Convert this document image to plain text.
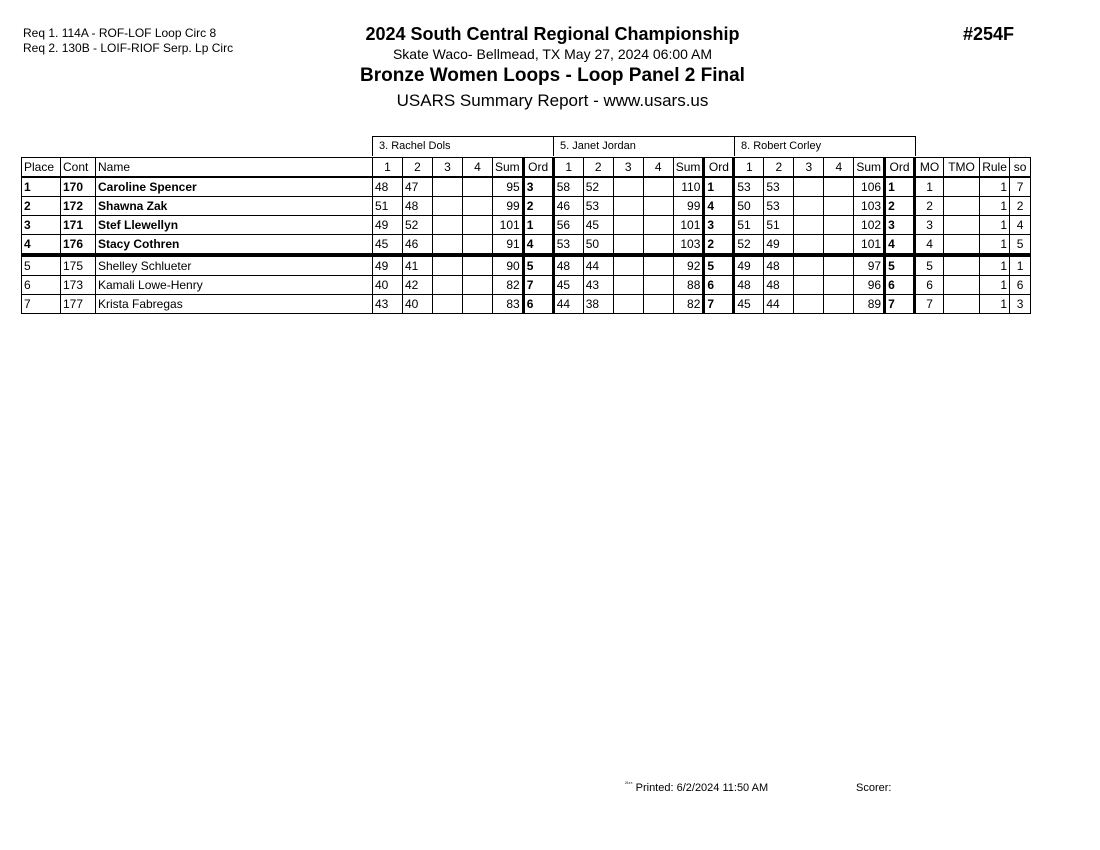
Req 1. 114A - ROF-LOF Loop Circ 8
Req 2. 130B - LOIF-RIOF Serp. Lp Circ
2024 South Central Regional Championship
Skate Waco- Bellmead, TX May 27, 2024 06:00 AM
Bronze Women Loops - Loop Panel 2 Final
USARS Summary Report - www.usars.us
#254F
3. Rachel Dols	5. Janet Jordan	8. Robert Corley
Place	Cont	Name	1	2	3	4	Sum	Ord	1	2	3	4	Sum	Ord	1	2	3	4	Sum	Ord	MO	TMO	Rule	so
1	170	Caroline Spencer	48	47			95	3	58	52			110	1	53	53			106	1	1		1	7
2	172	Shawna Zak	51	48			99	2	46	53			99	4	50	53			103	2	2		1	2
3	171	Stef Llewellyn	49	52			101	1	56	45			101	3	51	51			102	3	3		1	4
4	176	Stacy Cothren	45	46			91	4	53	50			103	2	52	49			101	4	4		1	5
5	175	Shelley Schlueter	49	41			90	5	48	44			92	5	49	48			97	5	5		1	1
6	173	Kamali Lowe-Henry	40	42			82	7	45	43			88	6	48	48			96	6	6		1	6
7	177	Krista Fabregas	43	40			83	6	44	38			82	7	45	44			89	7	7		1	3
$^{^{2345}}$ Printed: 6/2/2024 11:50 AM	Scorer:
